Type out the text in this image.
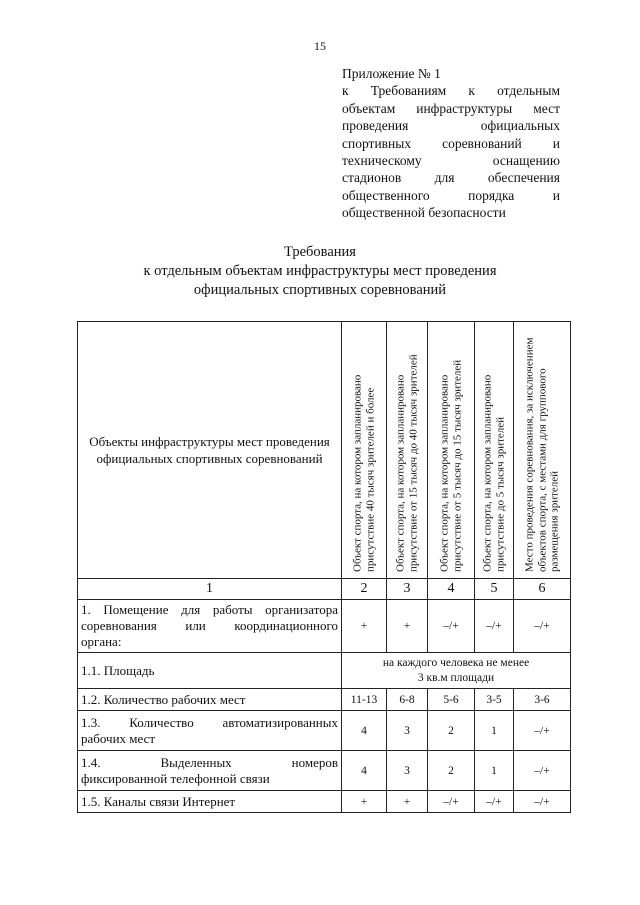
15
Приложение № 1
к Требованиям к отдельным
объектам инфраструктуры мест
проведения официальных
спортивных соревнований и
техническому оснащению
стадионов для обеспечения
общественного порядка и
общественной безопасности
Требования
к отдельным объектам инфраструктуры мест проведения
официальных спортивных соревнований
Объекты инфраструктуры мест проведения официальных спортивных соревнований	Объект спорта, на котором запланировано присутствие 40 тысяч зрителей и более	Объект спорта, на котором запланировано присутствие от 15 тысяч до 40 тысяч зрителей	Объект спорта, на котором запланировано присутствие от 5 тысяч до 15 тысяч зрителей	Объект спорта, на котором запланировано присутствие до 5 тысяч зрителей	Место проведения соревнования, за исключением объектов спорта, с местами для группового размещения зрителей

1	2	3	4	5	6

1. Помещение для работы организатора
соревнования или координационного
органа:	+	+	–/+	–/+	–/+

1.1. Площадь	на каждого человека не менее 3 кв.м площади				

1.2. Количество рабочих мест	11-13	6-8	5-6	3-5	3-6

1.3. Количество автоматизированных
рабочих мест	4	3	2	1	–/+

1.4. Выделенных номеров
фиксированной телефонной связи	4	3	2	1	–/+

1.5. Каналы связи Интернет	+	+	–/+	–/+	–/+
